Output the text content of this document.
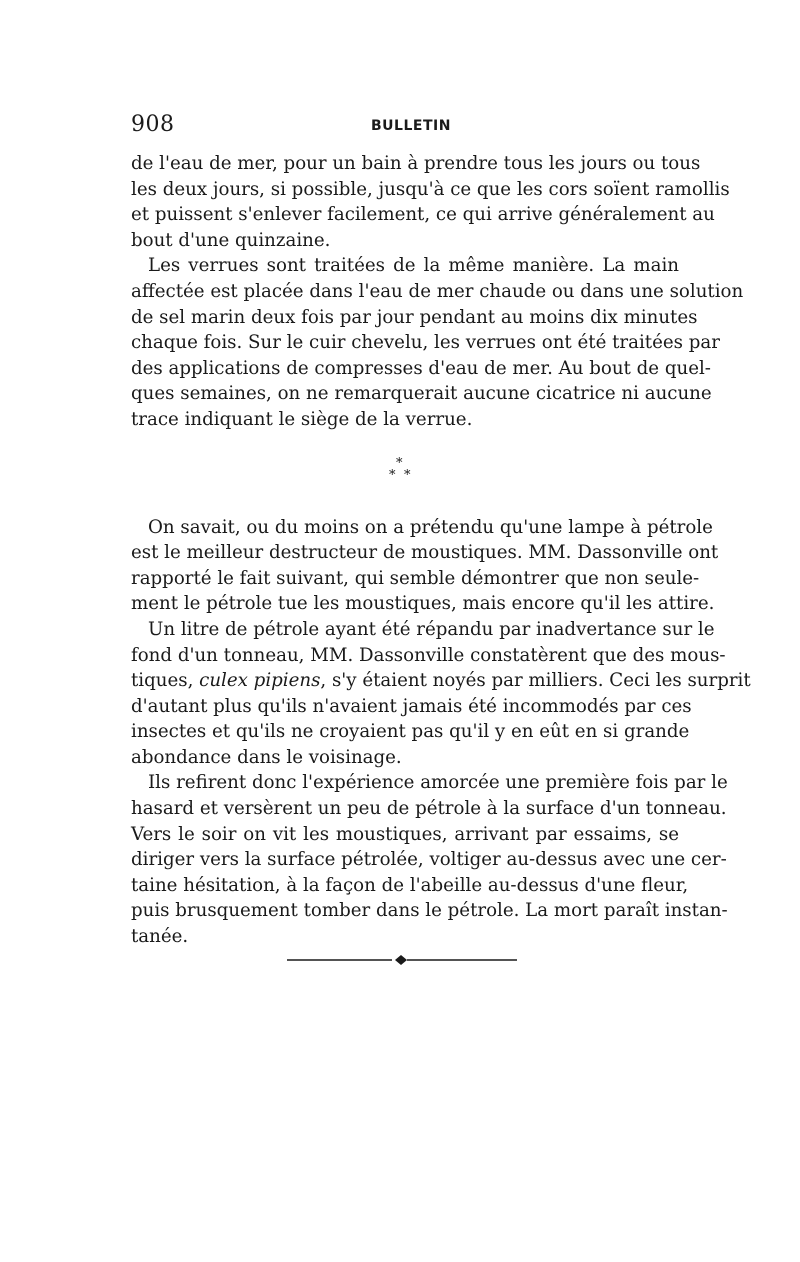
908	BULLETIN
de l'eau de mer, pour un bain à prendre tous les jours ou tous
les deux jours, si possible, jusqu'à ce que les cors soïent ramollis
et puissent s'enlever facilement, ce qui arrive généralement au
bout d'une quinzaine.
Les verrues sont traitées de la même manière. La main
affectée est placée dans l'eau de mer chaude ou dans une solution
de sel marin deux fois par jour pendant au moins dix minutes
chaque fois. Sur le cuir chevelu, les verrues ont été traitées par
des applications de compresses d'eau de mer. Au bout de quel-
ques semaines, on ne remarquerait aucune cicatrice ni aucune
trace indiquant le siège de la verrue.
*
* *
On savait, ou du moins on a prétendu qu'une lampe à pétrole
est le meilleur destructeur de moustiques. MM. Dassonville ont
rapporté le fait suivant, qui semble démontrer que non seule-
ment le pétrole tue les moustiques, mais encore qu'il les attire.
Un litre de pétrole ayant été répandu par inadvertance sur le
fond d'un tonneau, MM. Dassonville constatèrent que des mous-
tiques, culex pipiens, s'y étaient noyés par milliers. Ceci les surprit
d'autant plus qu'ils n'avaient jamais été incommodés par ces
insectes et qu'ils ne croyaient pas qu'il y en eût en si grande
abondance dans le voisinage.
Ils refirent donc l'expérience amorcée une première fois par le
hasard et versèrent un peu de pétrole à la surface d'un tonneau.
Vers le soir on vit les moustiques, arrivant par essaims, se
diriger vers la surface pétrolée, voltiger au-dessus avec une cer-
taine hésitation, à la façon de l'abeille au-dessus d'une fleur,
puis brusquement tomber dans le pétrole. La mort paraît instan-
tanée.
